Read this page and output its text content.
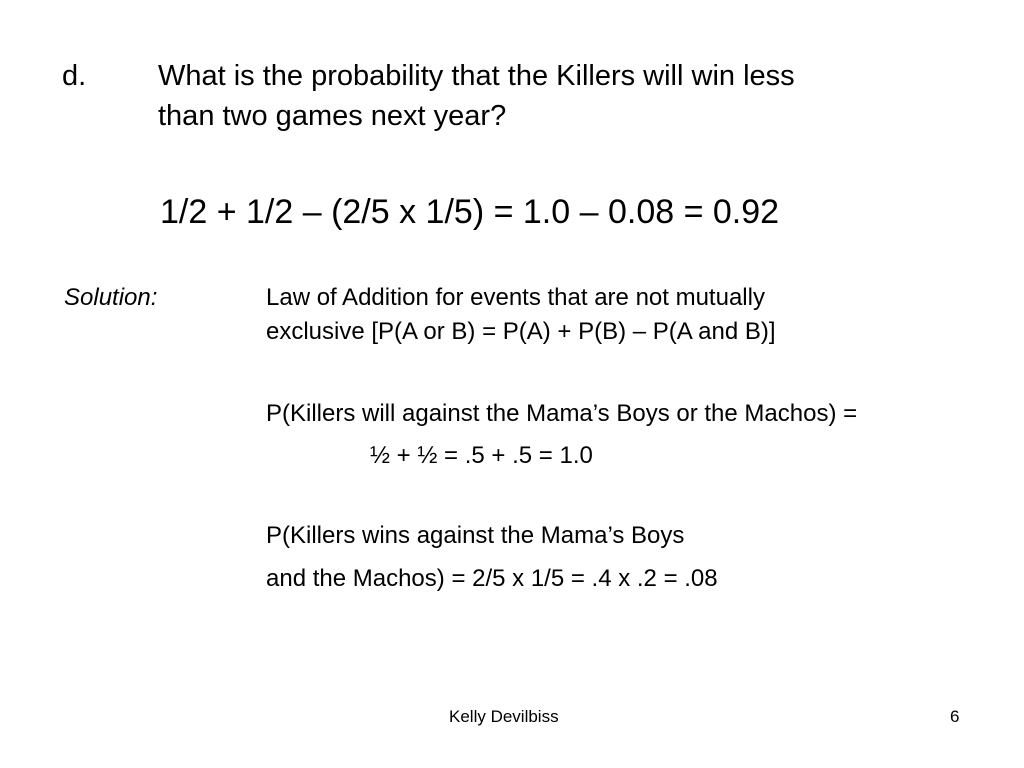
d. What is the probability that the Killers will win less
than two games next year?
1/2 + 1/2 – (2/5 x 1/5) = 1.0 – 0.08 = 0.92
Solution:	Law of Addition for events that are not mutually
exclusive [P(A or B) = P(A) + P(B) – P(A and B)]
P(Killers will against the Mama’s Boys or the Machos) =
½ + ½ = .5 + .5 = 1.0
P(Killers wins against the Mama’s Boys
and the Machos) = 2/5 x 1/5 = .4 x .2 = .08
Kelly Devilbiss	6
